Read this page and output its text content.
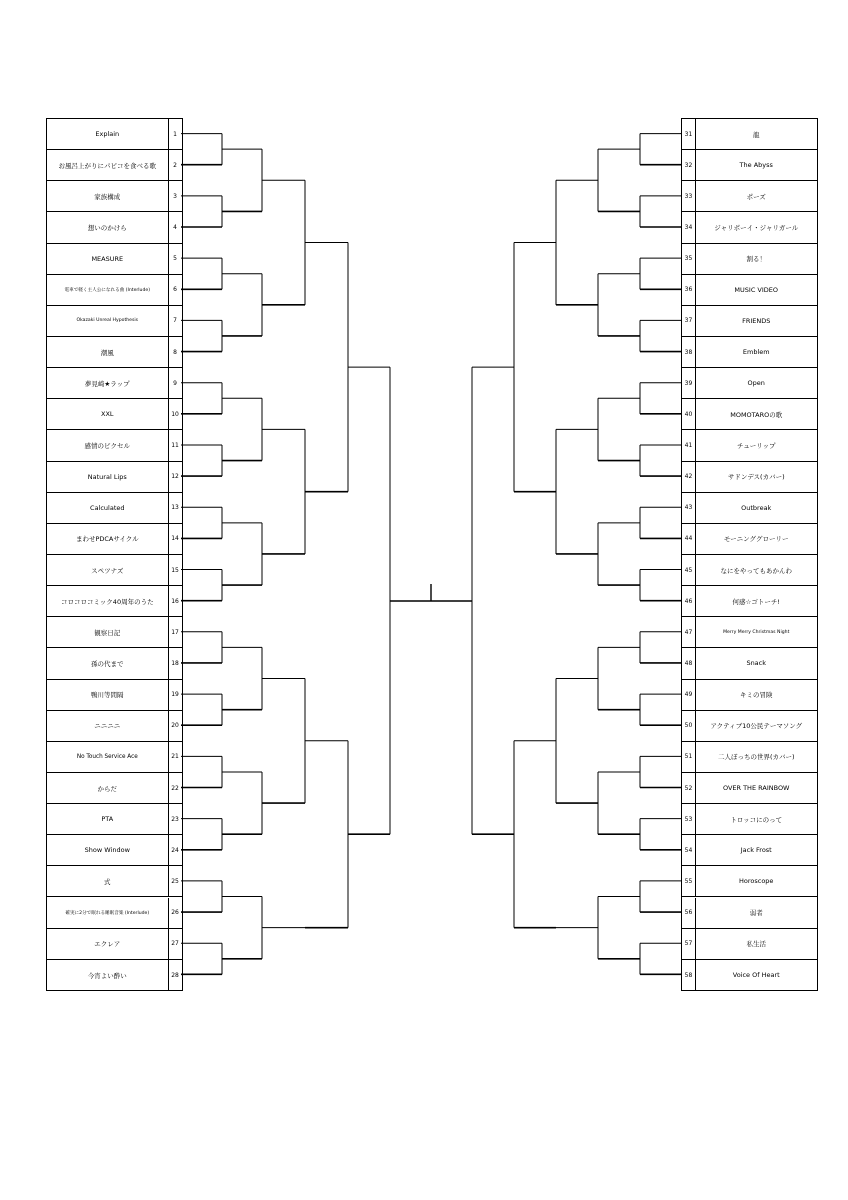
Explain	1
お風呂上がりにパピコを食べる歌	2
家族構成	3
想いのかけら	4
MEASURE	5
電車で軽く主人公になれる曲 (Interlude)	6
Okazaki Unreal Hypothesis	7
潮風	8
夢見崎★ラップ	9
XXL	10
感情のピクセル	11
Natural Lips	12
Calculated	13
まわせPDCAサイクル	14
スペツナズ	15
コロコロコミック40周年のうた	16
観察日記	17
孫の代まで	18
鴨川等間隔	19
ニニニニ	20
No Touch Service Ace	21
からだ	22
PTA	23
Show Window	24
式	25
確実に2分で眠れる睡眠音楽 (Interlude)	26
エクレア	27
今宵よい酔い	28
31	龍
32	The Abyss
33	ポーズ
34	ジャリボーイ・ジャリガール
35	割る！
36	MUSIC VIDEO
37	FRIENDS
38	Emblem
39	Open
40	MOMOTAROの歌
41	チューリップ
42	サドンデス(カバー)
43	Outbreak
44	モーニンググローリー
45	なにをやってもあかんわ
46	何感☆ゴトーチ!
47	Merry Merry Christmas Night
48	Snack
49	キミの冒険
50	アクティブ10公民テーマソング
51	二人ぼっちの世界(カバー)
52	OVER THE RAINBOW
53	トロッコにのって
54	Jack Frost
55	Horoscope
56	弱者
57	私生活
58	Voice Of Heart
